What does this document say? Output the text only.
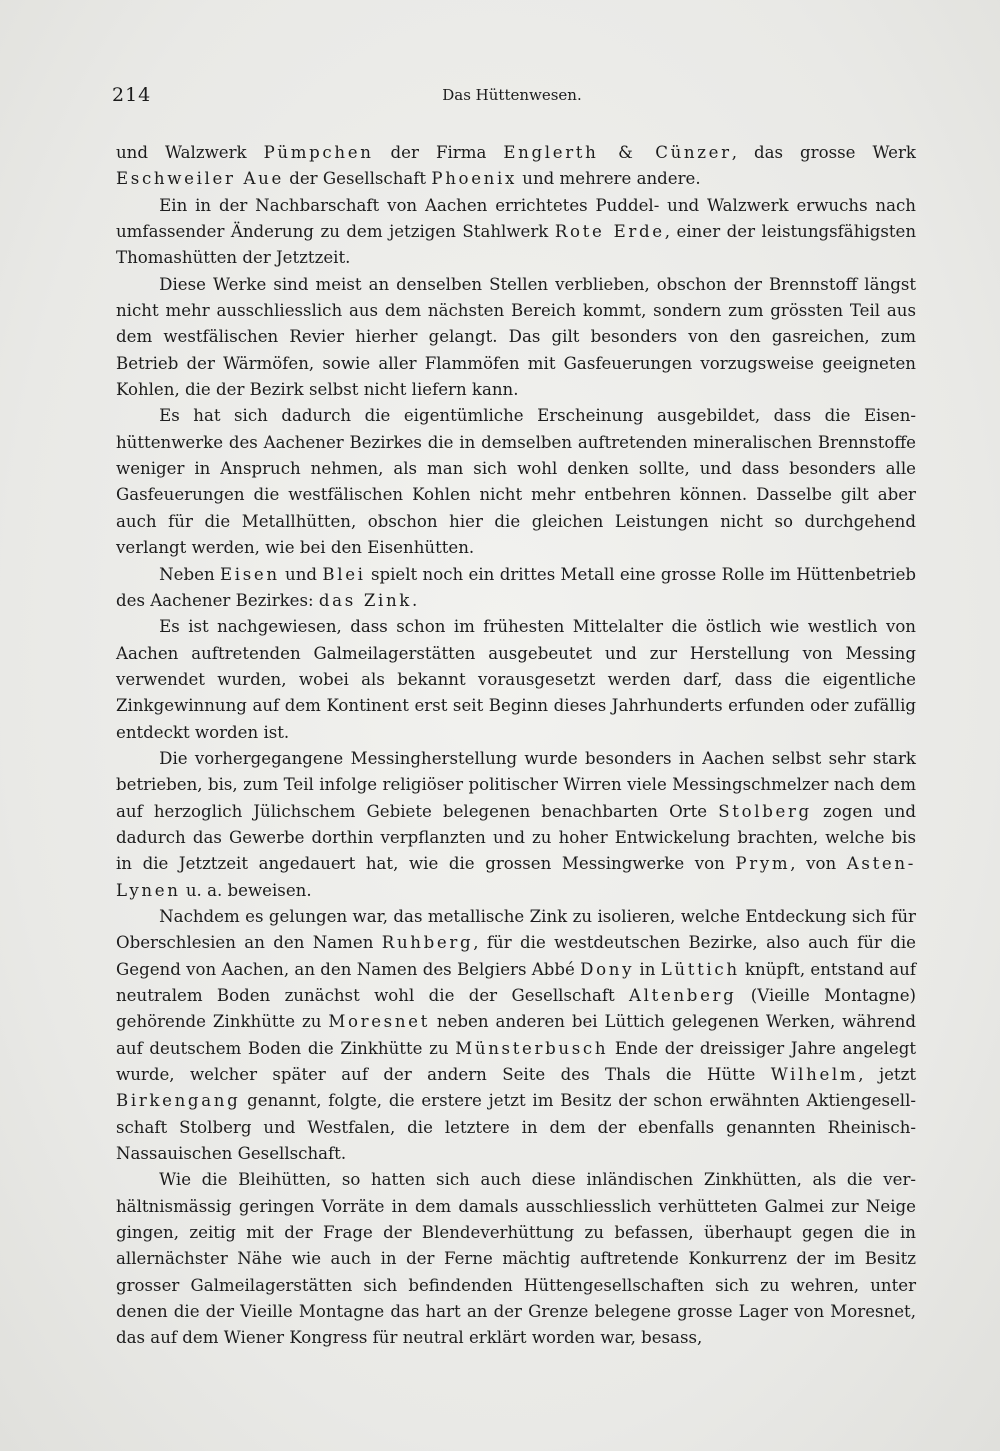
214	Das Hüttenwesen.

und Walzwerk Pümpchen der Firma Englerth & Cünzer, das grosse Werk Eschweiler Aue der Gesellschaft Phoenix und mehrere andere.

Ein in der Nachbarschaft von Aachen errichtetes Puddel- und Walzwerk erwuchs nach umfassender Änderung zu dem jetzigen Stahlwerk Rote Erde, einer der leistungsfähigsten Thomashütten der Jetztzeit.

Diese Werke sind meist an denselben Stellen verblieben, obschon der Brennstoff längst nicht mehr ausschliesslich aus dem nächsten Bereich kommt, sondern zum grössten Teil aus dem westfälischen Revier hierher gelangt. Das gilt besonders von den gasreichen, zum Betrieb der Wärmöfen, sowie aller Flammöfen mit Gasfeuerungen vorzugsweise geeigneten Kohlen, die der Bezirk selbst nicht liefern kann.

Es hat sich dadurch die eigentümliche Erscheinung ausgebildet, dass die Eisenhüttenwerke des Aachener Bezirkes die in demselben auftretenden mineralischen Brennstoffe weniger in Anspruch nehmen, als man sich wohl denken sollte, und dass besonders alle Gasfeuerungen die westfälischen Kohlen nicht mehr entbehren können. Dasselbe gilt aber auch für die Metallhütten, obschon hier die gleichen Leistungen nicht so durchgehend verlangt werden, wie bei den Eisenhütten.

Neben Eisen und Blei spielt noch ein drittes Metall eine grosse Rolle im Hüttenbetrieb des Aachener Bezirkes: das Zink.

Es ist nachgewiesen, dass schon im frühesten Mittelalter die östlich wie westlich von Aachen auftretenden Galmeilagerstätten ausgebeutet und zur Herstellung von Messing verwendet wurden, wobei als bekannt vorausgesetzt werden darf, dass die eigentliche Zinkgewinnung auf dem Kontinent erst seit Beginn dieses Jahrhunderts erfunden oder zufällig entdeckt worden ist.

Die vorhergegangene Messingherstellung wurde besonders in Aachen selbst sehr stark betrieben, bis, zum Teil infolge religiöser politischer Wirren viele Messingschmelzer nach dem auf herzoglich Jülichschem Gebiete belegenen benachbarten Orte Stolberg zogen und dadurch das Gewerbe dorthin verpflanzten und zu hoher Entwickelung brachten, welche bis in die Jetztzeit angedauert hat, wie die grossen Messingwerke von Prym, von Asten-Lynen u. a. beweisen.

Nachdem es gelungen war, das metallische Zink zu isolieren, welche Entdeckung sich für Oberschlesien an den Namen Ruhberg, für die westdeutschen Bezirke, also auch für die Gegend von Aachen, an den Namen des Belgiers Abbé Dony in Lüttich knüpft, entstand auf neutralem Boden zunächst wohl die der Gesellschaft Altenberg (Vieille Montagne) gehörende Zinkhütte zu Moresnet neben anderen bei Lüttich gelegenen Werken, während auf deutschem Boden die Zinkhütte zu Münsterbusch Ende der dreissiger Jahre angelegt wurde, welcher später auf der andern Seite des Thals die Hütte Wilhelm, jetzt Birkengang genannt, folgte, die erstere jetzt im Besitz der schon erwähnten Aktiengesellschaft Stolberg und Westfalen, die letztere in dem der ebenfalls genannten Rheinisch-Nassauischen Gesellschaft.

Wie die Bleihütten, so hatten sich auch diese inländischen Zinkhütten, als die verhältnismässig geringen Vorräte in dem damals ausschliesslich verhütteten Galmei zur Neige gingen, zeitig mit der Frage der Blendeverhüttung zu befassen, überhaupt gegen die in allernächster Nähe wie auch in der Ferne mächtig auftretende Konkurrenz der im Besitz grosser Galmeilagerstätten sich befindenden Hüttengesellschaften sich zu wehren, unter denen die der Vieille Montagne das hart an der Grenze belegene grosse Lager von Moresnet, das auf dem Wiener Kongress für neutral erklärt worden war, besass,
